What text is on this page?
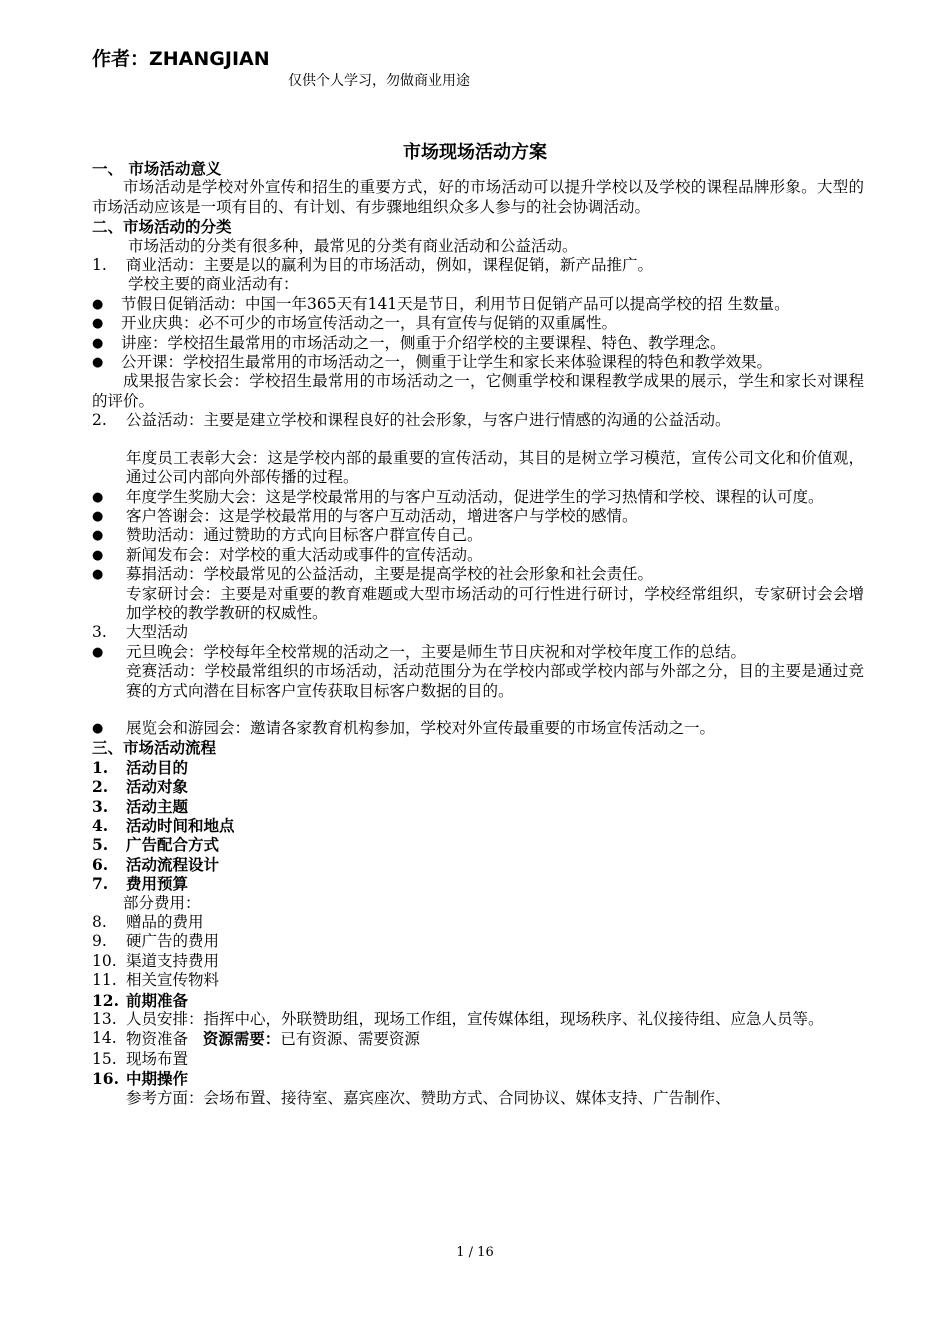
作者：ZHANGJIAN
仅供个人学习，勿做商业用途
市场现场活动方案
一、 市场活动意义
市场活动是学校对外宣传和招生的重要方式，好的市场活动可以提升学校以及学校的课程品牌形象。大型的市场活动应该是一项有目的、有计划、有步骤地组织众多人参与的社会协调活动。
二、市场活动的分类
市场活动的分类有很多种，最常见的分类有商业活动和公益活动。
1. 商业活动：主要是以的赢利为目的市场活动，例如，课程促销，新产品推广。
学校主要的商业活动有：
● 节假日促销活动：中国一年365天有141天是节日，利用节日促销产品可以提高学校的招 生数量。
● 开业庆典：必不可少的市场宣传活动之一，具有宣传与促销的双重属性。
● 讲座：学校招生最常用的市场活动之一，侧重于介绍学校的主要课程、特色、教学理念。
● 公开课：学校招生最常用的市场活动之一，侧重于让学生和家长来体验课程的特色和教学效果。
成果报告家长会：学校招生最常用的市场活动之一，它侧重学校和课程教学成果的展示，学生和家长对课程的评价。
2. 公益活动：主要是建立学校和课程良好的社会形象，与客户进行情感的沟通的公益活动。
年度员工表彰大会：这是学校内部的最重要的宣传活动，其目的是树立学习模范，宣传公司文化和价值观，通过公司内部向外部传播的过程。
● 年度学生奖励大会：这是学校最常用的与客户互动活动，促进学生的学习热情和学校、课程的认可度。
● 客户答谢会：这是学校最常用的与客户互动活动，增进客户与学校的感情。
● 赞助活动：通过赞助的方式向目标客户群宣传自己。
● 新闻发布会：对学校的重大活动或事件的宣传活动。
● 募捐活动：学校最常见的公益活动，主要是提高学校的社会形象和社会责任。
专家研讨会：主要是对重要的教育难题或大型市场活动的可行性进行研讨，学校经常组织，专家研讨会会增加学校的教学教研的权威性。
3. 大型活动
● 元旦晚会：学校每年全校常规的活动之一，主要是师生节日庆祝和对学校年度工作的总结。
竞赛活动：学校最常组织的市场活动，活动范围分为在学校内部或学校内部与外部之分，目的主要是通过竞赛的方式向潜在目标客户宣传获取目标客户数据的目的。
● 展览会和游园会：邀请各家教育机构参加，学校对外宣传最重要的市场宣传活动之一。
三、市场活动流程
1. 活动目的
2. 活动对象
3. 活动主题
4. 活动时间和地点
5. 广告配合方式
6. 活动流程设计
7. 费用预算
部分费用：
8. 赠品的费用
9. 硬广告的费用
10. 渠道支持费用
11. 相关宣传物料
12. 前期准备
13. 人员安排：指挥中心，外联赞助组，现场工作组，宣传媒体组，现场秩序、礼仪接待组、应急人员等。
14. 物资准备 资源需要：已有资源、需要资源
15. 现场布置
16. 中期操作
参考方面：会场布置、接待室、嘉宾座次、赞助方式、合同协议、媒体支持、广告制作、
1 / 16
